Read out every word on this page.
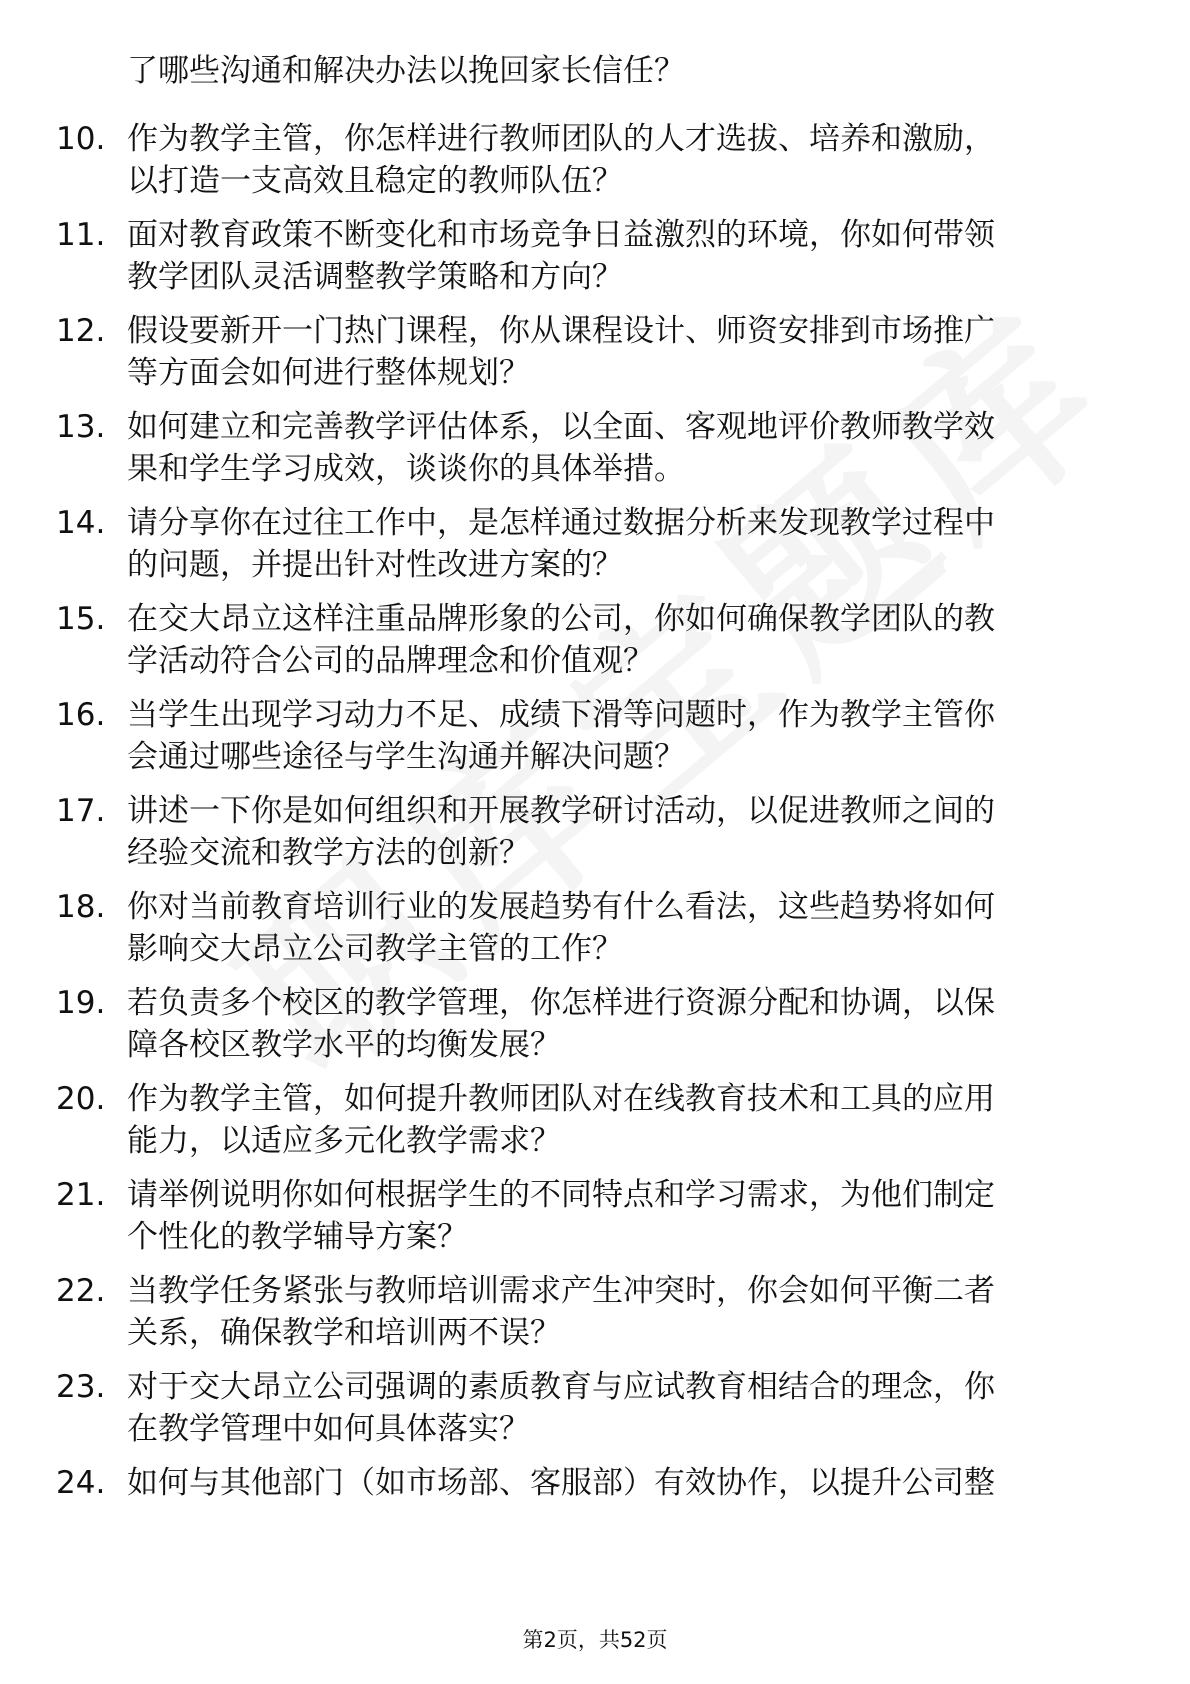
了哪些沟通和解决办法以挽回家长信任？
10. 作为教学主管，你怎样进行教师团队的人才选拔、培养和激励，
以打造一支高效且稳定的教师队伍？
11. 面对教育政策不断变化和市场竞争日益激烈的环境，你如何带领
教学团队灵活调整教学策略和方向？
12. 假设要新开一门热门课程，你从课程设计、师资安排到市场推广
等方面会如何进行整体规划？
13. 如何建立和完善教学评估体系，以全面、客观地评价教师教学效
果和学生学习成效，谈谈你的具体举措。
14. 请分享你在过往工作中，是怎样通过数据分析来发现教学过程中
的问题，并提出针对性改进方案的？
15. 在交大昂立这样注重品牌形象的公司，你如何确保教学团队的教
学活动符合公司的品牌理念和价值观？
16. 当学生出现学习动力不足、成绩下滑等问题时，作为教学主管你
会通过哪些途径与学生沟通并解决问题？
17. 讲述一下你是如何组织和开展教学研讨活动，以促进教师之间的
经验交流和教学方法的创新？
18. 你对当前教育培训行业的发展趋势有什么看法，这些趋势将如何
影响交大昂立公司教学主管的工作？
19. 若负责多个校区的教学管理，你怎样进行资源分配和协调，以保
障各校区教学水平的均衡发展？
20. 作为教学主管，如何提升教师团队对在线教育技术和工具的应用
能力，以适应多元化教学需求？
21. 请举例说明你如何根据学生的不同特点和学习需求，为他们制定
个性化的教学辅导方案？
22. 当教学任务紧张与教师培训需求产生冲突时，你会如何平衡二者
关系，确保教学和培训两不误？
23. 对于交大昂立公司强调的素质教育与应试教育相结合的理念，你
在教学管理中如何具体落实？
24. 如何与其他部门（如市场部、客服部）有效协作，以提升公司整
第2页，共52页
